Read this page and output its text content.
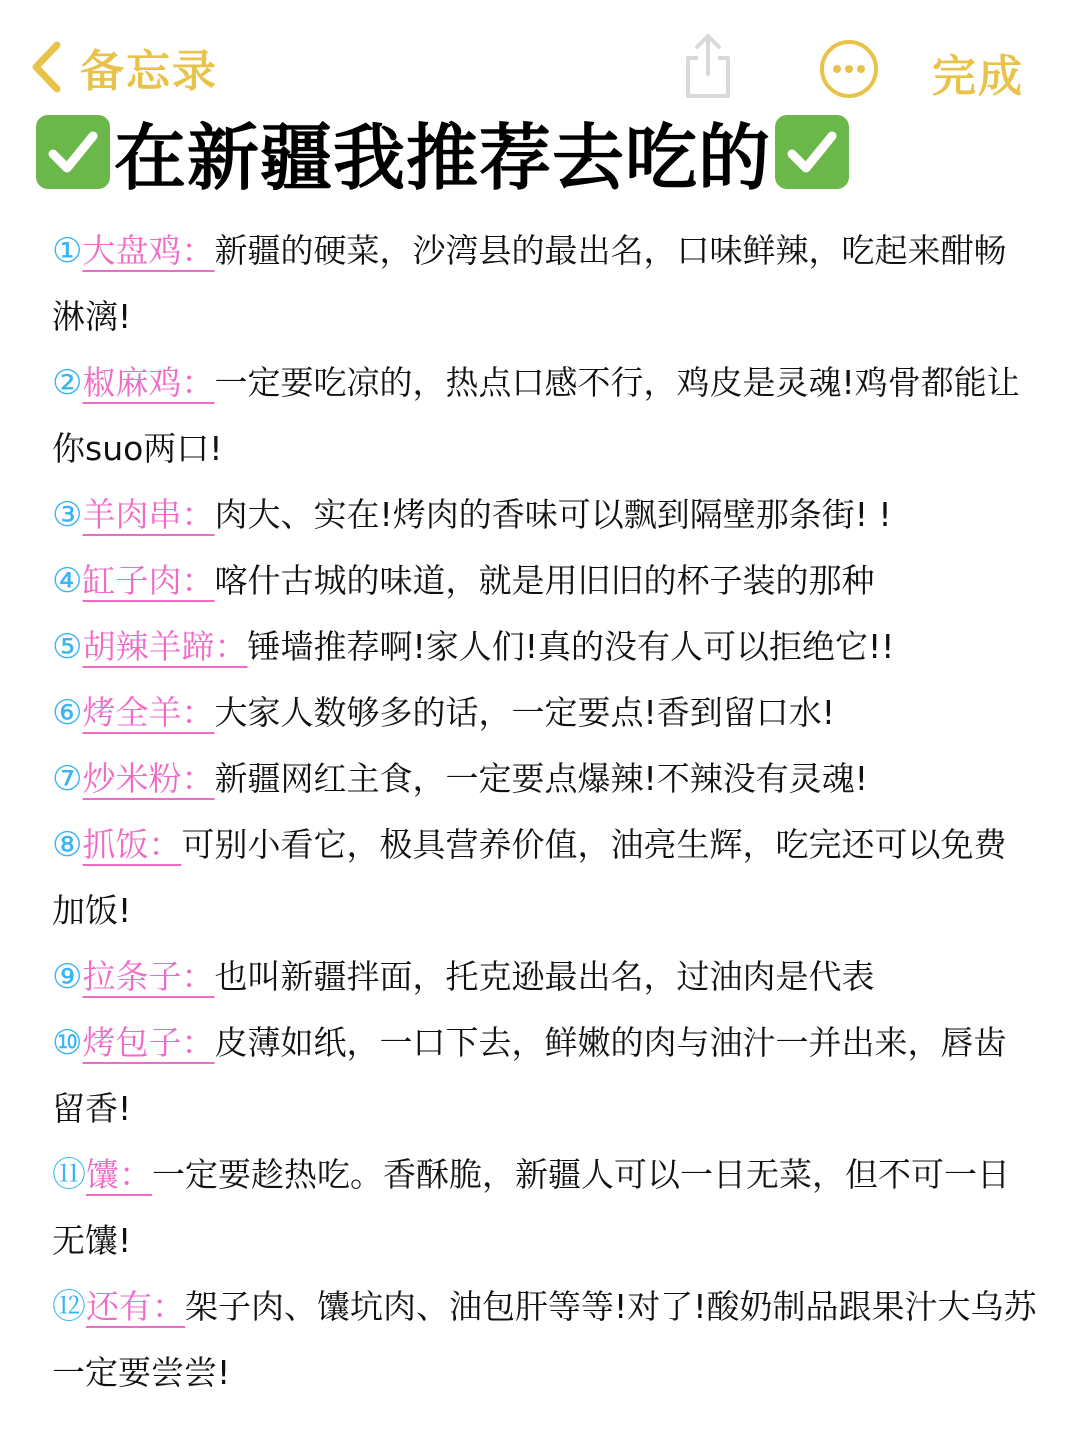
备忘录	完成
在新疆我推荐去吃的
①大盘鸡：新疆的硬菜，沙湾县的最出名，口味鲜辣，吃起来酣畅淋漓!
②椒麻鸡：一定要吃凉的，热点口感不行，鸡皮是灵魂!鸡骨都能让你suo两口!
③羊肉串：肉大、实在!烤肉的香味可以飘到隔壁那条街! !
④缸子肉：喀什古城的味道，就是用旧旧的杯子装的那种
⑤胡辣羊蹄：锤墙推荐啊!家人们!真的没有人可以拒绝它!!
⑥烤全羊：大家人数够多的话，一定要点!香到留口水!
⑦炒米粉：新疆网红主食，一定要点爆辣!不辣没有灵魂!
⑧抓饭：可别小看它，极具营养价值，油亮生辉，吃完还可以免费加饭!
⑨拉条子：也叫新疆拌面，托克逊最出名，过油肉是代表
⑩烤包子：皮薄如纸，一口下去，鲜嫩的肉与油汁一并出来，唇齿留香!
⑪馕：一定要趁热吃。香酥脆，新疆人可以一日无菜，但不可一日无馕!
⑫还有：架子肉、馕坑肉、油包肝等等!对了!酸奶制品跟果汁大乌苏一定要尝尝!
